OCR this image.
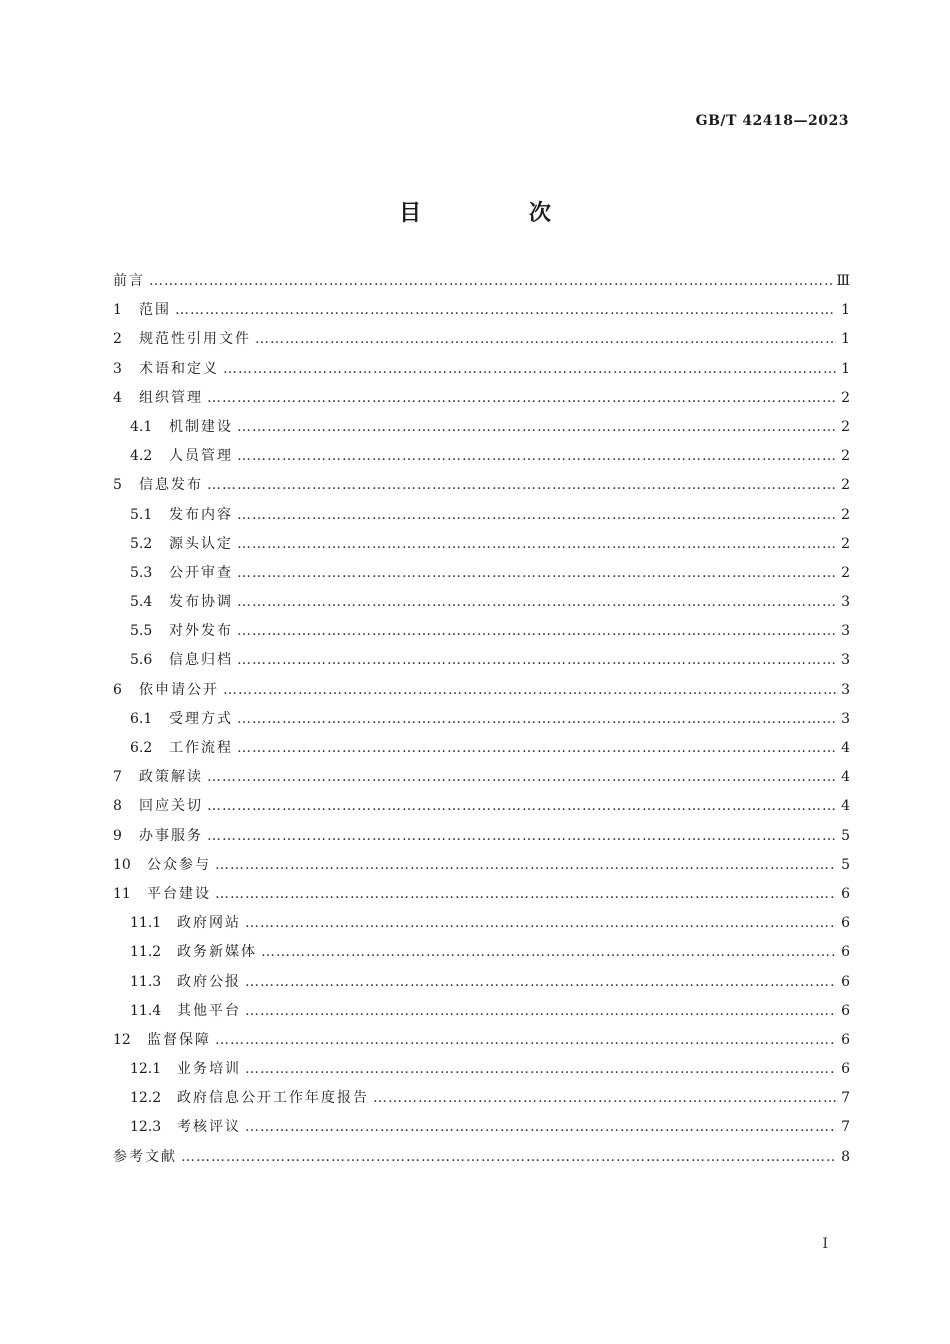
GB/T 42418—2023
目 次
前言 …………………………………………………………………………………………………………………………………………………………………………………………	Ⅲ
1	范围 …………………………………………………………………………………………………………………………………………………………………………………………	1
2	规范性引用文件 …………………………………………………………………………………………………………………………………………………………………………………………	1
3	术语和定义 …………………………………………………………………………………………………………………………………………………………………………………………	1
4	组织管理 …………………………………………………………………………………………………………………………………………………………………………………………	2
4.1	机制建设 …………………………………………………………………………………………………………………………………………………………………………………………	2
4.2	人员管理 …………………………………………………………………………………………………………………………………………………………………………………………	2
5	信息发布 …………………………………………………………………………………………………………………………………………………………………………………………	2
5.1	发布内容 …………………………………………………………………………………………………………………………………………………………………………………………	2
5.2	源头认定 …………………………………………………………………………………………………………………………………………………………………………………………	2
5.3	公开审查 …………………………………………………………………………………………………………………………………………………………………………………………	2
5.4	发布协调 …………………………………………………………………………………………………………………………………………………………………………………………	3
5.5	对外发布 …………………………………………………………………………………………………………………………………………………………………………………………	3
5.6	信息归档 …………………………………………………………………………………………………………………………………………………………………………………………	3
6	依申请公开 …………………………………………………………………………………………………………………………………………………………………………………………	3
6.1	受理方式 …………………………………………………………………………………………………………………………………………………………………………………………	3
6.2	工作流程 …………………………………………………………………………………………………………………………………………………………………………………………	4
7	政策解读 …………………………………………………………………………………………………………………………………………………………………………………………	4
8	回应关切 …………………………………………………………………………………………………………………………………………………………………………………………	4
9	办事服务 …………………………………………………………………………………………………………………………………………………………………………………………	5
10	公众参与 …………………………………………………………………………………………………………………………………………………………………………………………	5
11	平台建设 …………………………………………………………………………………………………………………………………………………………………………………………	6
11.1	政府网站 …………………………………………………………………………………………………………………………………………………………………………………………	6
11.2	政务新媒体 …………………………………………………………………………………………………………………………………………………………………………………………	6
11.3	政府公报 …………………………………………………………………………………………………………………………………………………………………………………………	6
11.4	其他平台 …………………………………………………………………………………………………………………………………………………………………………………………	6
12	监督保障 …………………………………………………………………………………………………………………………………………………………………………………………	6
12.1	业务培训 …………………………………………………………………………………………………………………………………………………………………………………………	6
12.2	政府信息公开工作年度报告 …………………………………………………………………………………………………………………………………………………………………………………………	7
12.3	考核评议 …………………………………………………………………………………………………………………………………………………………………………………………	7
参考文献 …………………………………………………………………………………………………………………………………………………………………………………………	8
I
